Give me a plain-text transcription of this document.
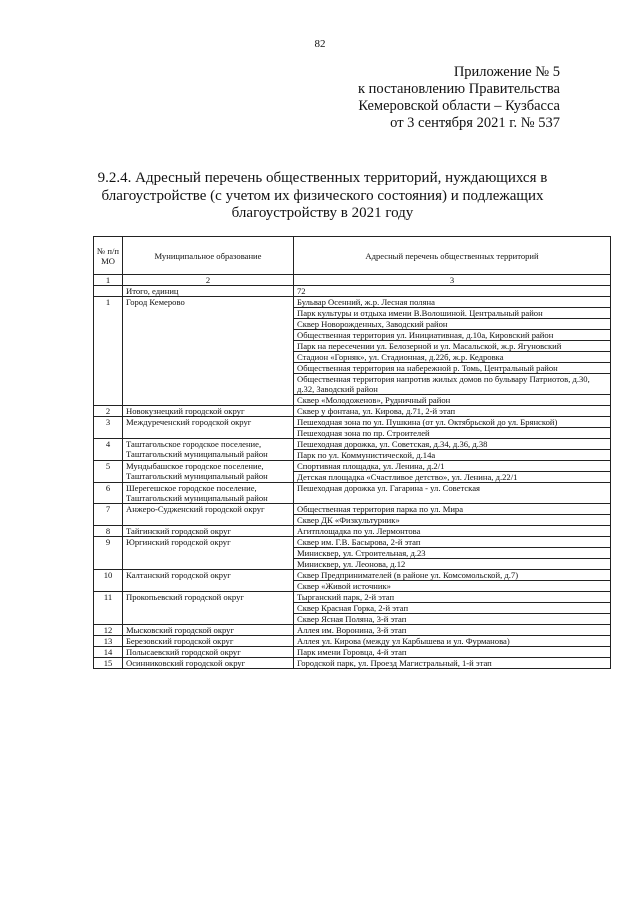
82
Приложение № 5
к постановлению Правительства
Кемеровской области – Кузбасса
от 3 сентября 2021 г. № 537
9.2.4. Адресный перечень общественных территорий, нуждающихся в благоустройстве (с учетом их физического состояния) и подлежащих благоустройству в 2021 году
№ п/п МО	Муниципальное образование	Адресный перечень общественных территорий
1	2	3
	Итого, единиц	72
1	Город Кемерово	Бульвар Осенний, ж.р. Лесная поляна
		Парк культуры и отдыха имени В.Волошиной. Центральный район
		Сквер Новорожденных, Заводский район
		Общественная территория ул. Инициативная, д.10а, Кировский район
		Парк на пересечении ул. Белозерной и ул. Масальской, ж.р. Ягуновский
		Стадион «Горняк», ул. Стадионная, д.22б, ж.р. Кедровка
		Общественная территория на набережной р. Томь, Центральный район
		Общественная территория напротив жилых домов по бульвару Патриотов, д.30, д.32, Заводский район
		Сквер «Молодоженов», Рудничный район
2	Новокузнецкий городской округ	Сквер у фонтана, ул. Кирова, д.71, 2-й этап
3	Междуреченский городской округ	Пешеходная зона по ул. Пушкина (от ул. Октябрьской до ул. Брянской)
		Пешеходная зона по пр. Строителей
4	Таштагольское городское поселение, Таштагольский муниципальный район	Пешеходная дорожка, ул. Советская, д.34, д.36, д.38
		Парк по ул. Коммунистической, д.14а
5	Мундыбашское городское поселение, Таштагольский муниципальный район	Спортивная площадка, ул. Ленина, д.2/1
		Детская площадка «Счастливое детство», ул. Ленина, д.22/1
6	Шерегешское городское поселение, Таштагольский муниципальный район	Пешеходная дорожка ул. Гагарина - ул. Советская
7	Анжеро-Судженский городской округ	Общественная территория парка по ул. Мира
		Сквер ДК «Физкультурник»
8	Тайгинский городской округ	Агитплощадка по ул. Лермонтова
9	Юргинский городской округ	Сквер им. Г.В. Басырова, 2-й этап
		Минисквер, ул. Строительная, д.23
		Минисквер, ул. Леонова, д.12
10	Калтанский городской округ	Сквер Предпринимателей (в районе ул. Комсомольской, д.7)
		Сквер «Живой источник»
11	Прокопьевский городской округ	Тырганский парк, 2-й этап
		Сквер Красная Горка, 2-й этап
		Сквер Ясная Поляна, 3-й этап
12	Мысковский городской округ	Аллея им. Воронина, 3-й этап
13	Березовский городской округ	Аллея ул. Кирова (между ул Карбышева и ул. Фурманова)
14	Полысаевский городской округ	Парк имени Горовца, 4-й этап
15	Осинниковский городской округ	Городской парк, ул. Проезд Магистральный, 1-й этап
